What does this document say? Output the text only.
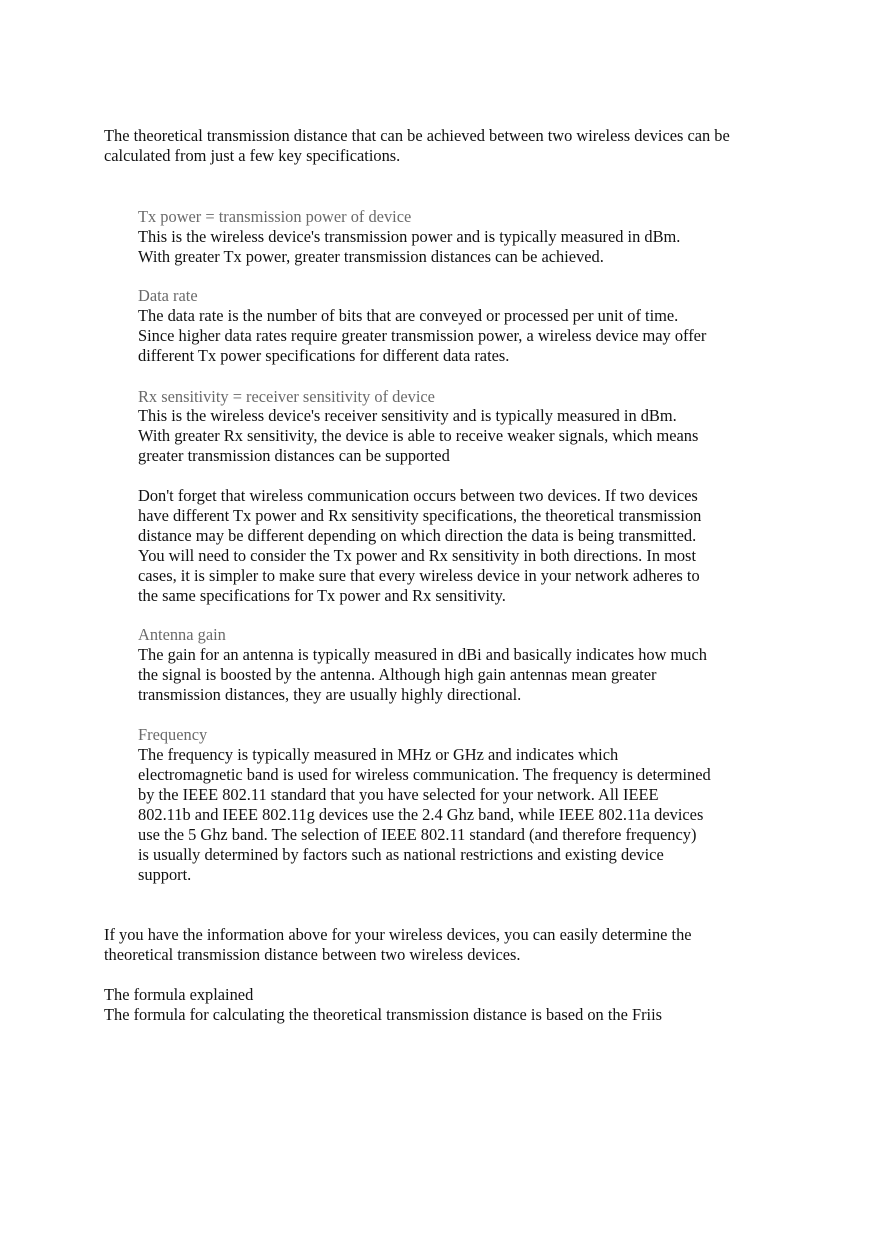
The theoretical transmission distance that can be achieved between two wireless devices can be
calculated from just a few key specifications.

Tx power = transmission power of device

This is the wireless device's transmission power and is typically measured in dBm.
With greater Tx power, greater transmission distances can be achieved.

Data rate

The data rate is the number of bits that are conveyed or processed per unit of time.
Since higher data rates require greater transmission power, a wireless device may offer
different Tx power specifications for different data rates.

Rx sensitivity = receiver sensitivity of device

This is the wireless device's receiver sensitivity and is typically measured in dBm.
With greater Rx sensitivity, the device is able to receive weaker signals, which means
greater transmission distances can be supported

Don't forget that wireless communication occurs between two devices. If two devices
have different Tx power and Rx sensitivity specifications, the theoretical transmission
distance may be different depending on which direction the data is being transmitted.
You will need to consider the Tx power and Rx sensitivity in both directions. In most
cases, it is simpler to make sure that every wireless device in your network adheres to
the same specifications for Tx power and Rx sensitivity.

Antenna gain

The gain for an antenna is typically measured in dBi and basically indicates how much
the signal is boosted by the antenna. Although high gain antennas mean greater
transmission distances, they are usually highly directional.

Frequency

The frequency is typically measured in MHz or GHz and indicates which
electromagnetic band is used for wireless communication. The frequency is determined
by the IEEE 802.11 standard that you have selected for your network. All IEEE
802.11b and IEEE 802.11g devices use the 2.4 Ghz band, while IEEE 802.11a devices
use the 5 Ghz band. The selection of IEEE 802.11 standard (and therefore frequency)
is usually determined by factors such as national restrictions and existing device
support.

If you have the information above for your wireless devices, you can easily determine the
theoretical transmission distance between two wireless devices.

The formula explained

The formula for calculating the theoretical transmission distance is based on the Friis
